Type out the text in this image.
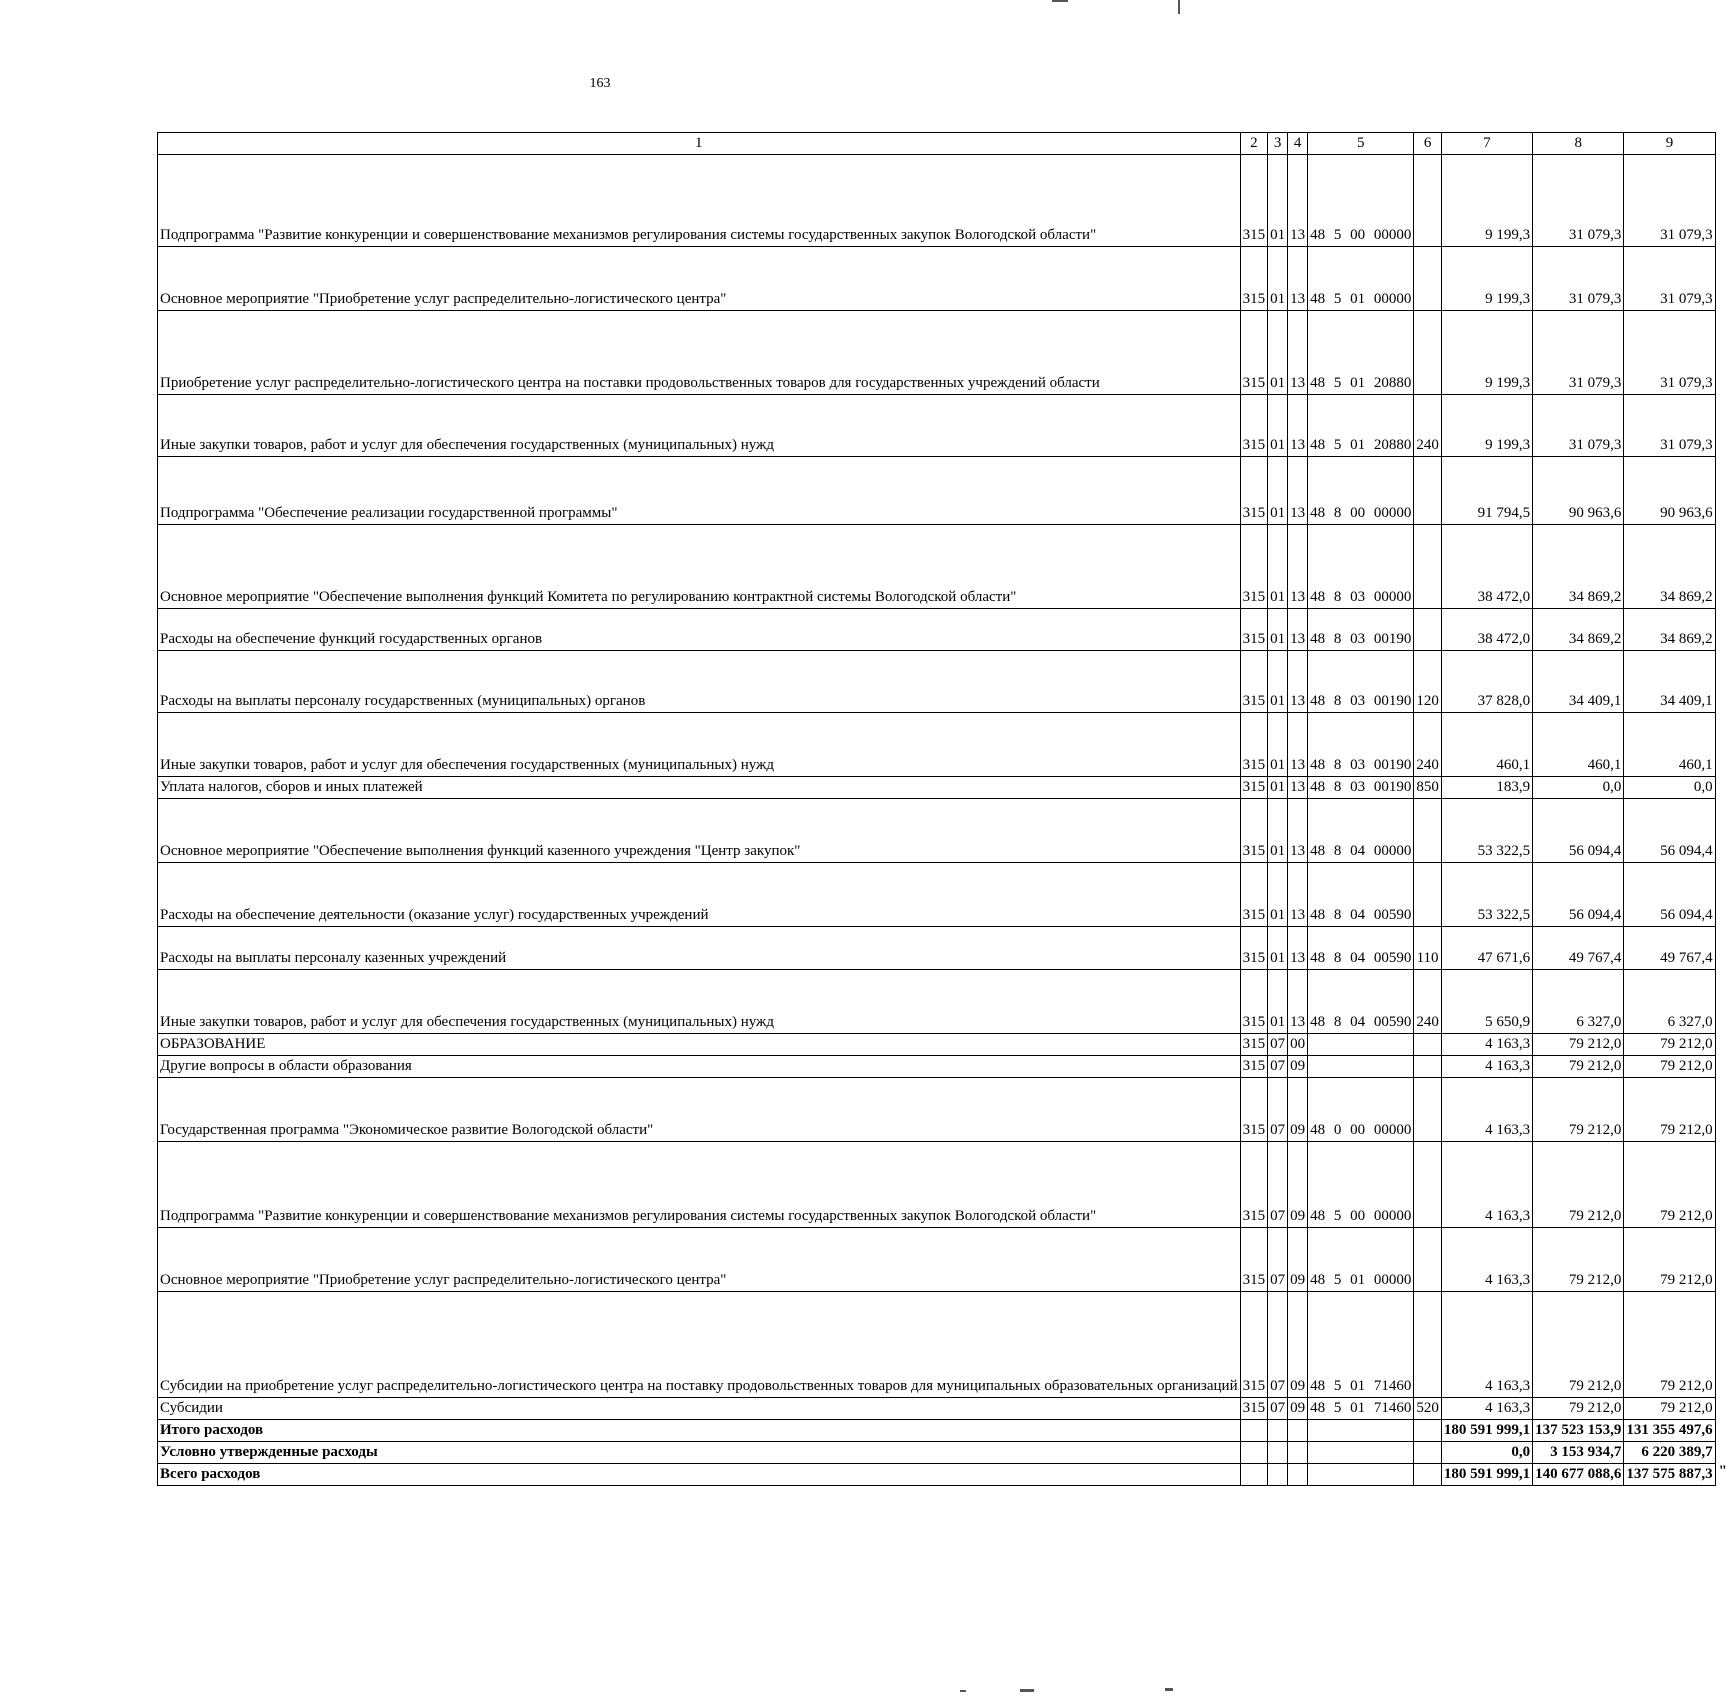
163
1	2	3	4	5	6	7	8	9
Подпрограмма "Развитие конкуренции и совершенствование механизмов регулирования системы государственных закупок Вологодской области"	315	01	13	48 5 00 00000		9 199,3	31 079,3	31 079,3
Основное мероприятие "Приобретение услуг распределительно-логистического центра"	315	01	13	48 5 01 00000		9 199,3	31 079,3	31 079,3
Приобретение услуг распределительно-логистического центра на поставки продовольственных товаров для государственных учреждений области	315	01	13	48 5 01 20880		9 199,3	31 079,3	31 079,3
Иные закупки товаров, работ и услуг для обеспечения государственных (муниципальных) нужд	315	01	13	48 5 01 20880	240	9 199,3	31 079,3	31 079,3
Подпрограмма "Обеспечение реализации государственной программы"	315	01	13	48 8 00 00000		91 794,5	90 963,6	90 963,6
Основное мероприятие "Обеспечение выполнения функций Комитета по регулированию контрактной системы Вологодской области"	315	01	13	48 8 03 00000		38 472,0	34 869,2	34 869,2
Расходы на обеспечение функций государственных органов	315	01	13	48 8 03 00190		38 472,0	34 869,2	34 869,2
Расходы на выплаты персоналу государственных (муниципальных) органов	315	01	13	48 8 03 00190	120	37 828,0	34 409,1	34 409,1
Иные закупки товаров, работ и услуг для обеспечения государственных (муниципальных) нужд	315	01	13	48 8 03 00190	240	460,1	460,1	460,1
Уплата налогов, сборов и иных платежей	315	01	13	48 8 03 00190	850	183,9	0,0	0,0
Основное мероприятие "Обеспечение выполнения функций казенного учреждения "Центр закупок"	315	01	13	48 8 04 00000		53 322,5	56 094,4	56 094,4
Расходы на обеспечение деятельности (оказание услуг) государственных учреждений	315	01	13	48 8 04 00590		53 322,5	56 094,4	56 094,4
Расходы на выплаты персоналу казенных учреждений	315	01	13	48 8 04 00590	110	47 671,6	49 767,4	49 767,4
Иные закупки товаров, работ и услуг для обеспечения государственных (муниципальных) нужд	315	01	13	48 8 04 00590	240	5 650,9	6 327,0	6 327,0
ОБРАЗОВАНИЕ	315	07	00			4 163,3	79 212,0	79 212,0
Другие вопросы в области образования	315	07	09			4 163,3	79 212,0	79 212,0
Государственная программа "Экономическое развитие Вологодской области"	315	07	09	48 0 00 00000		4 163,3	79 212,0	79 212,0
Подпрограмма "Развитие конкуренции и совершенствование механизмов регулирования системы государственных закупок Вологодской области"	315	07	09	48 5 00 00000		4 163,3	79 212,0	79 212,0
Основное мероприятие "Приобретение услуг распределительно-логистического центра"	315	07	09	48 5 01 00000		4 163,3	79 212,0	79 212,0
Субсидии на приобретение услуг распределительно-логистического центра на поставку продовольственных товаров для муниципальных образовательных организаций	315	07	09	48 5 01 71460		4 163,3	79 212,0	79 212,0
Субсидии	315	07	09	48 5 01 71460	520	4 163,3	79 212,0	79 212,0
Итого расходов						180 591 999,1	137 523 153,9	131 355 497,6
Условно утвержденные расходы						0,0	3 153 934,7	6 220 389,7
Всего расходов						180 591 999,1	140 677 088,6	137 575 887,3 "
